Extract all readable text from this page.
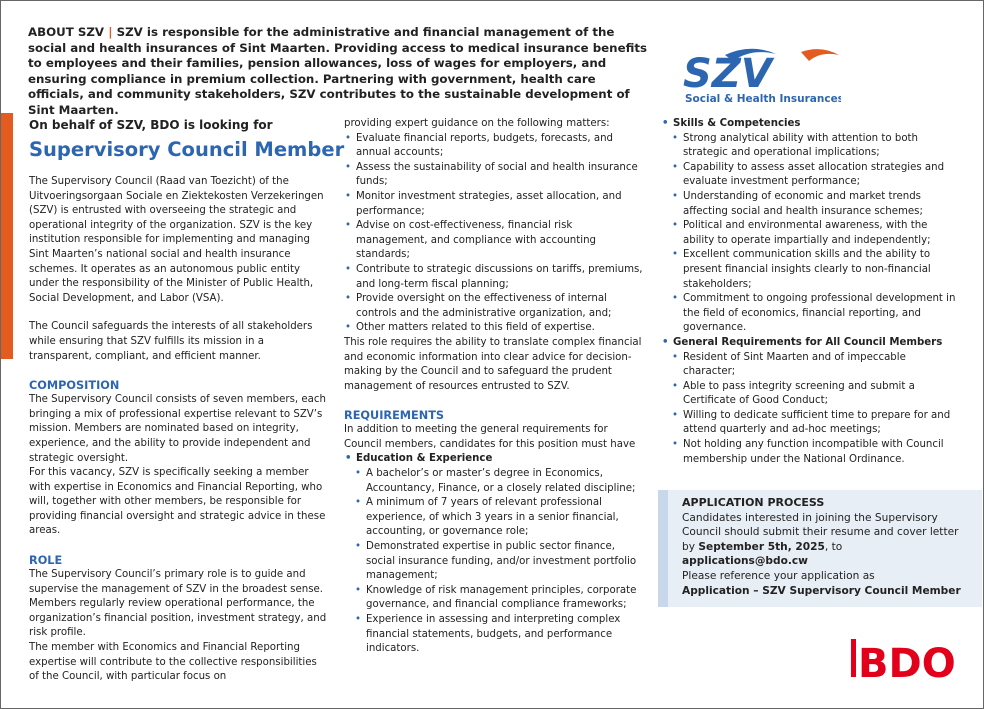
ABOUT SZV | SZV is responsible for the administrative and financial management of the social and health insurances of Sint Maarten. Providing access to medical insurance benefits to employees and their families, pension allowances, loss of wages for employers, and ensuring compliance in premium collection. Partnering with government, health care officials, and community stakeholders, SZV contributes to the sustainable development of Sint Maarten.
SZV
Social & Health Insurances

On behalf of SZV, BDO is looking for

Supervisory Council Member

The Supervisory Council (Raad van Toezicht) of the Uitvoeringsorgaan Sociale en Ziektekosten Verzekeringen (SZV) is entrusted with overseeing the strategic and operational integrity of the organization. SZV is the key institution responsible for implementing and managing Sint Maarten’s national social and health insurance schemes. It operates as an autonomous public entity under the responsibility of the Minister of Public Health, Social Development, and Labor (VSA).

The Council safeguards the interests of all stakeholders while ensuring that SZV fulfills its mission in a transparent, compliant, and efficient manner.

COMPOSITION

The Supervisory Council consists of seven members, each bringing a mix of professional expertise relevant to SZV’s mission. Members are nominated based on integrity, experience, and the ability to provide independent and strategic oversight.

For this vacancy, SZV is specifically seeking a member with expertise in Economics and Financial Reporting, who will, together with other members, be responsible for providing financial oversight and strategic advice in these areas.

ROLE

The Supervisory Council’s primary role is to guide and supervise the management of SZV in the broadest sense. Members regularly review operational performance, the organization’s financial position, investment strategy, and risk profile.

The member with Economics and Financial Reporting expertise will contribute to the collective responsibilities of the Council, with particular focus on

providing expert guidance on the following matters:

• Evaluate financial reports, budgets, forecasts, and annual accounts;
• Assess the sustainability of social and health insurance funds;
• Monitor investment strategies, asset allocation, and performance;
• Advise on cost-effectiveness, financial risk management, and compliance with accounting standards;
• Contribute to strategic discussions on tariffs, premiums, and long-term fiscal planning;
• Provide oversight on the effectiveness of internal controls and the administrative organization, and;
• Other matters related to this field of expertise.

This role requires the ability to translate complex financial and economic information into clear advice for decision-making by the Council and to safeguard the prudent management of resources entrusted to SZV.

REQUIREMENTS

In addition to meeting the general requirements for Council members, candidates for this position must have

• Education & Experience
• A bachelor’s or master’s degree in Economics, Accountancy, Finance, or a closely related discipline;
• A minimum of 7 years of relevant professional experience, of which 3 years in a senior financial, accounting, or governance role;
• Demonstrated expertise in public sector finance, social insurance funding, and/or investment portfolio management;
• Knowledge of risk management principles, corporate governance, and financial compliance frameworks;
• Experience in assessing and interpreting complex financial statements, budgets, and performance indicators.
• Skills & Competencies
• Strong analytical ability with attention to both strategic and operational implications;
• Capability to assess asset allocation strategies and evaluate investment performance;
• Understanding of economic and market trends affecting social and health insurance schemes;
• Political and environmental awareness, with the ability to operate impartially and independently;
• Excellent communication skills and the ability to present financial insights clearly to non-financial stakeholders;
• Commitment to ongoing professional development in the field of economics, financial reporting, and governance.
• General Requirements for All Council Members
• Resident of Sint Maarten and of impeccable character;
• Able to pass integrity screening and submit a Certificate of Good Conduct;
• Willing to dedicate sufficient time to prepare for and attend quarterly and ad-hoc meetings;
• Not holding any function incompatible with Council membership under the National Ordinance.
APPLICATION PROCESS
Candidates interested in joining the Supervisory Council should submit their resume and cover letter by September 5th, 2025, to
applications@bdo.cw
Please reference your application as
Application – SZV Supervisory Council Member
BDO
